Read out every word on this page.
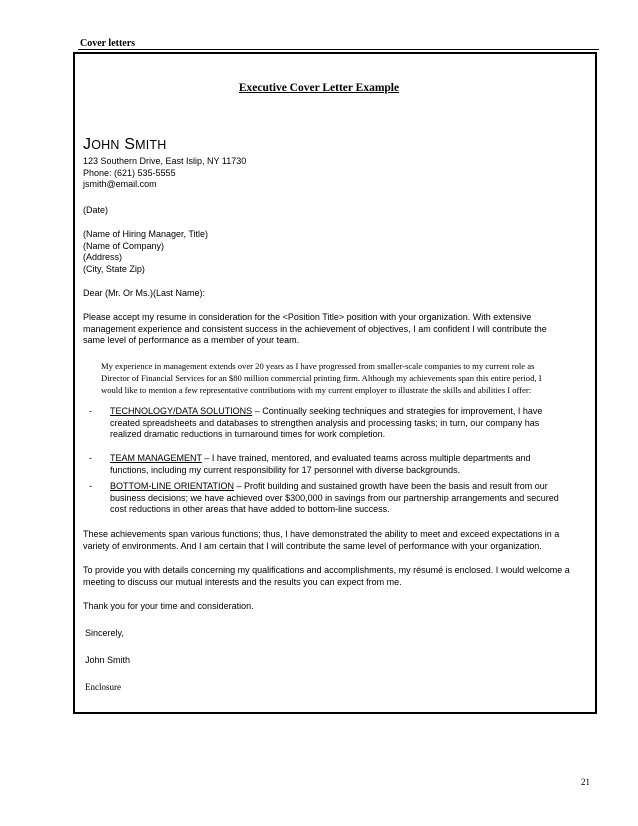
Cover letters
Executive Cover Letter Example
JOHN SMITH
123 Southern Drive, East Islip, NY 11730
Phone: (621) 535-5555
jsmith@email.com
(Date)
(Name of Hiring Manager, Title)
(Name of Company)
(Address)
(City, State Zip)
Dear (Mr. Or Ms.)(Last Name):
Please accept my resume in consideration for the <Position Title> position with your organization. With extensive
management experience and consistent success in the achievement of objectives, I am confident I will contribute the
same level of performance as a member of your team.
My experience in management extends over 20 years as I have progressed from smaller-scale companies to my current role as
Director of Financial Services for an $80 million commercial printing firm. Although my achievements span this entire period, I
would like to mention a few representative contributions with my current employer to illustrate the skills and abilities I offer:
- TECHNOLOGY/DATA SOLUTIONS – Continually seeking techniques and strategies for improvement, I have
created spreadsheets and databases to strengthen analysis and processing tasks; in turn, our company has
realized dramatic reductions in turnaround times for work completion.
- TEAM MANAGEMENT – I have trained, mentored, and evaluated teams across multiple departments and
functions, including my current responsibility for 17 personnel with diverse backgrounds.
- BOTTOM-LINE ORIENTATION – Profit building and sustained growth have been the basis and result from our
business decisions; we have achieved over $300,000 in savings from our partnership arrangements and secured
cost reductions in other areas that have added to bottom-line success.
These achievements span various functions; thus, I have demonstrated the ability to meet and exceed expectations in a
variety of environments. And I am certain that I will contribute the same level of performance with your organization.
To provide you with details concerning my qualifications and accomplishments, my résumé is enclosed. I would welcome a
meeting to discuss our mutual interests and the results you can expect from me.
Thank you for your time and consideration.
Sincerely,
John Smith
Enclosure
21
